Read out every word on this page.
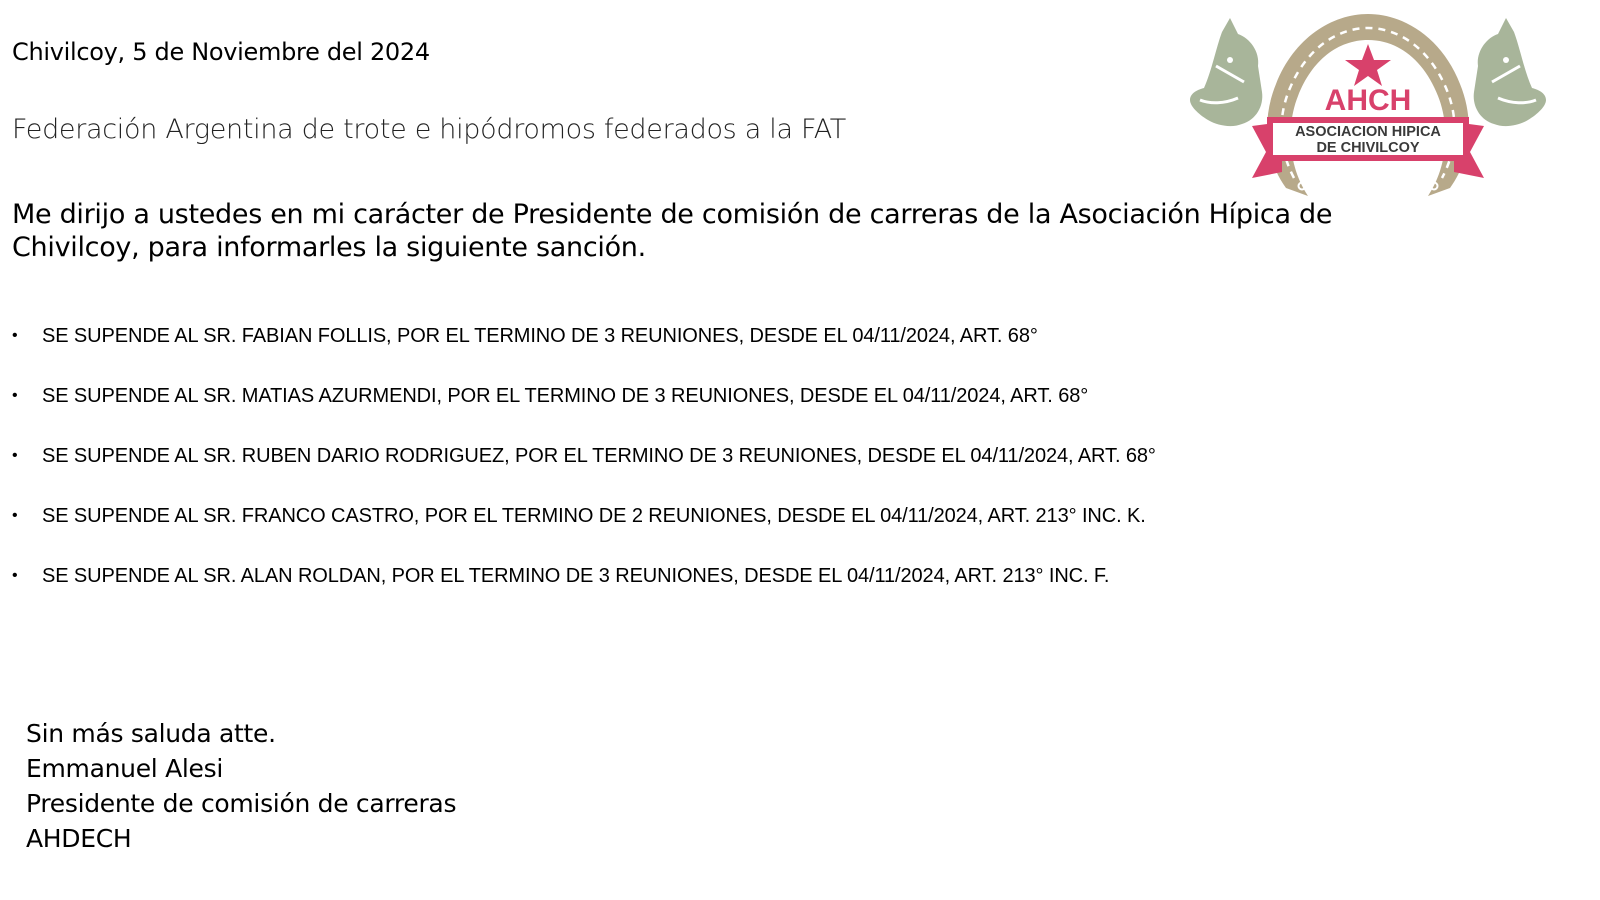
Chivilcoy, 5 de Noviembre del 2024
Federación Argentina de trote e hipódromos federados a la FAT
Me dirijo a ustedes en mi carácter de Presidente de comisión de carreras de la Asociación Hípica de Chivilcoy, para informarles la siguiente sanción.
• SE SUPENDE AL SR. FABIAN FOLLIS, POR EL TERMINO DE 3 REUNIONES, DESDE EL 04/11/2024, ART. 68°
• SE SUPENDE AL SR. MATIAS AZURMENDI, POR EL TERMINO DE 3 REUNIONES, DESDE EL 04/11/2024, ART. 68°
• SE SUPENDE AL SR. RUBEN DARIO RODRIGUEZ, POR EL TERMINO DE 3 REUNIONES, DESDE EL 04/11/2024, ART. 68°
• SE SUPENDE AL SR. FRANCO CASTRO, POR EL TERMINO DE 2 REUNIONES, DESDE EL 04/11/2024, ART. 213° INC. K.
• SE SUPENDE AL SR. ALAN ROLDAN, POR EL TERMINO DE 3 REUNIONES, DESDE EL 04/11/2024, ART. 213° INC. F.
Sin más saluda atte.
Emmanuel Alesi
Presidente de comisión de carreras
AHDECH
AHCH
ASOCIACION HIPICA
DE CHIVILCOY
